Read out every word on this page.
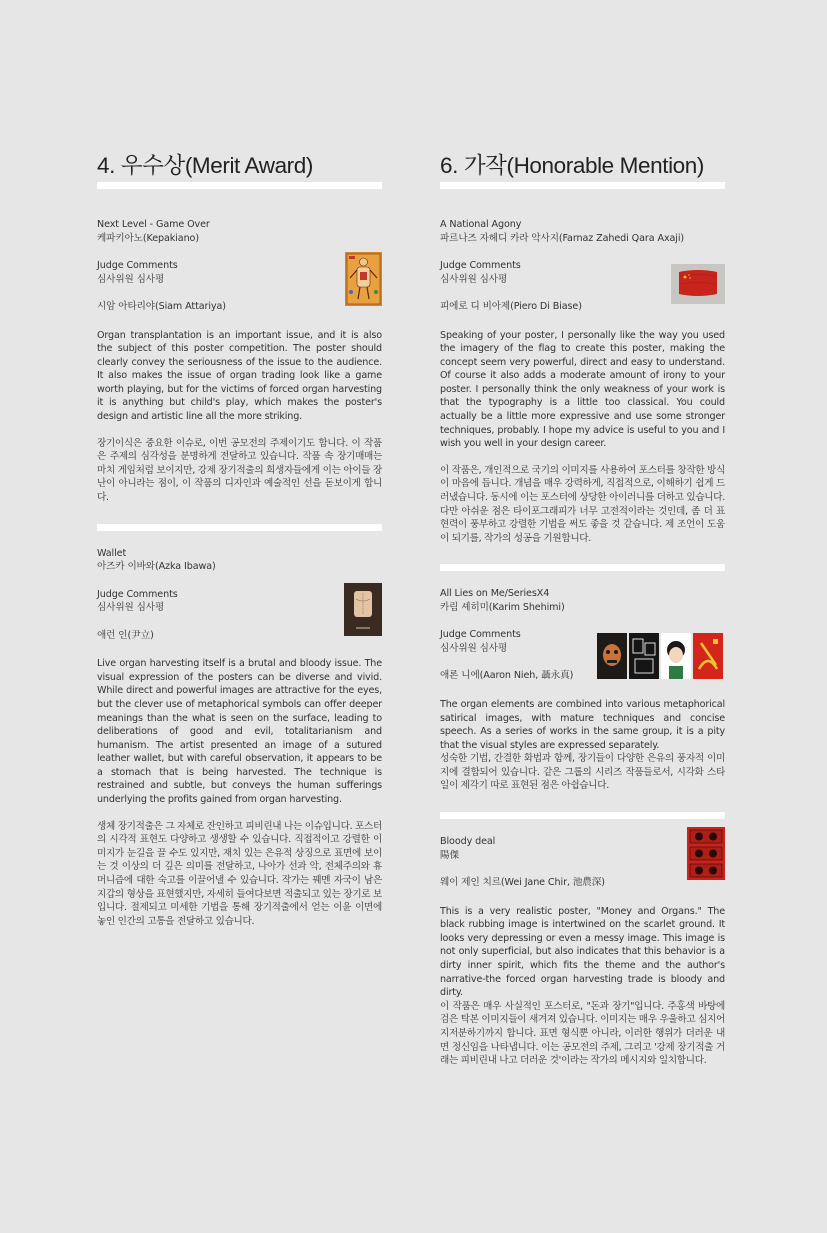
4. 우수상(Merit Award)
Next Level - Game Over
케파키아노(Kepakiano)
Judge Comments
심사위원 심사평
시암 아타리야(Siam Attariya)
Organ transplantation is an important issue, and it is also the subject of this poster competition. The poster should clearly convey the seriousness of the issue to the audience. It also makes the issue of organ trading look like a game worth playing, but for the victims of forced organ harvesting it is anything but child's play, which makes the poster's design and artistic line all the more striking.
장기이식은 중요한 이슈로, 이번 공모전의 주제이기도 합니다. 이 작품은 주제의 심각성을 분명하게 전달하고 있습니다. 작품 속 장기매매는 마치 게임처럼 보이지만, 강제 장기적출의 희생자들에게 이는 아이들 장난이 아니라는 점이, 이 작품의 디자인과 예술적인 선을 돋보이게 합니다.
Wallet
아즈카 이바와(Azka Ibawa)
Judge Comments
심사위원 심사평
애런 인(尹立)
Live organ harvesting itself is a brutal and bloody issue. The visual expression of the posters can be diverse and vivid. While direct and powerful images are attractive for the eyes, but the clever use of metaphorical symbols can offer deeper meanings than the what is seen on the surface, leading to deliberations of good and evil, totalitarianism and humanism. The artist presented an image of a sutured leather wallet, but with careful observation, it appears to be a stomach that is being harvested. The technique is restrained and subtle, but conveys the human sufferings underlying the profits gained from organ harvesting.
생체 장기적출은 그 자체로 잔인하고 피비린내 나는 이슈입니다. 포스터의 시각적 표현도 다양하고 생생할 수 있습니다. 직접적이고 강렬한 이미지가 눈길을 끌 수도 있지만, 재치 있는 은유적 상징으로 표면에 보이는 것 이상의 더 깊은 의미를 전달하고, 나아가 선과 악, 전체주의와 휴머니즘에 대한 숙고를 이끌어낼 수 있습니다. 작가는 꿰멘 자국이 남은 지갑의 형상을 표현했지만, 자세히 들여다보면 적출되고 있는 장기로 보입니다. 절제되고 미세한 기법을 통해 장기적출에서 얻는 이윤 이면에 놓인 인간의 고통을 전달하고 있습니다.
6. 가작(Honorable Mention)
A National Agony
파르나즈 자헤디 카라 악사지(Farnaz Zahedi Qara Axaji)
Judge Comments
심사위원 심사평
피에로 디 비아제(Piero Di Biase)
Speaking of your poster, I personally like the way you used the imagery of the flag to create this poster, making the concept seem very powerful, direct and easy to understand. Of course it also adds a moderate amount of irony to your poster. I personally think the only weakness of your work is that the typography is a little too classical. You could actually be a little more expressive and use some stronger techniques, probably. I hope my advice is useful to you and I wish you well in your design career.
이 작품은, 개인적으로 국기의 이미지를 사용하여 포스터를 창작한 방식이 마음에 듭니다. 개념을 매우 강력하게, 직접적으로, 이해하기 쉽게 드러냈습니다. 동시에 이는 포스터에 상당한 아이러니를 더하고 있습니다. 다만 아쉬운 점은 타이포그래피가 너무 고전적이라는 것인데, 좀 더 표현력이 풍부하고 강렬한 기법을 써도 좋을 것 같습니다. 제 조언이 도움이 되기를, 작가의 성공을 기원합니다.
All Lies on Me/SeriesX4
카림 셰히미(Karim Shehimi)
Judge Comments
심사위원 심사평
애론 니에(Aaron Nieh, 聶永真)
The organ elements are combined into various metaphorical satirical images, with mature techniques and concise speech. As a series of works in the same group, it is a pity that the visual styles are expressed separately.
성숙한 기법, 간결한 화법과 함께, 장기들이 다양한 은유의 풍자적 이미지에 결합되어 있습니다. 같은 그룹의 시리즈 작품들로서, 시각화 스타일이 제각기 따로 표현된 점은 아쉽습니다.
Bloody deal
陽傑
웨이 제인 치르(Wei Jane Chir, 池農深)
This is a very realistic poster, "Money and Organs." The black rubbing image is intertwined on the scarlet ground. It looks very depressing or even a messy image. This image is not only superficial, but also indicates that this behavior is a dirty inner spirit, which fits the theme and the author's narrative-the forced organ harvesting trade is bloody and dirty.
이 작품은 매우 사실적인 포스터로, "돈과 장기"입니다. 주홍색 바탕에 검은 탁본 이미지들이 새겨져 있습니다. 이미지는 매우 우울하고 심지어 지저분하기까지 합니다. 표면 형식뿐 아니라, 이러한 행위가 더러운 내면 정신임을 나타냅니다. 이는 공모전의 주제, 그리고 '강제 장기적출 거래는 피비린내 나고 더러운 것'이라는 작가의 메시지와 일치합니다.
